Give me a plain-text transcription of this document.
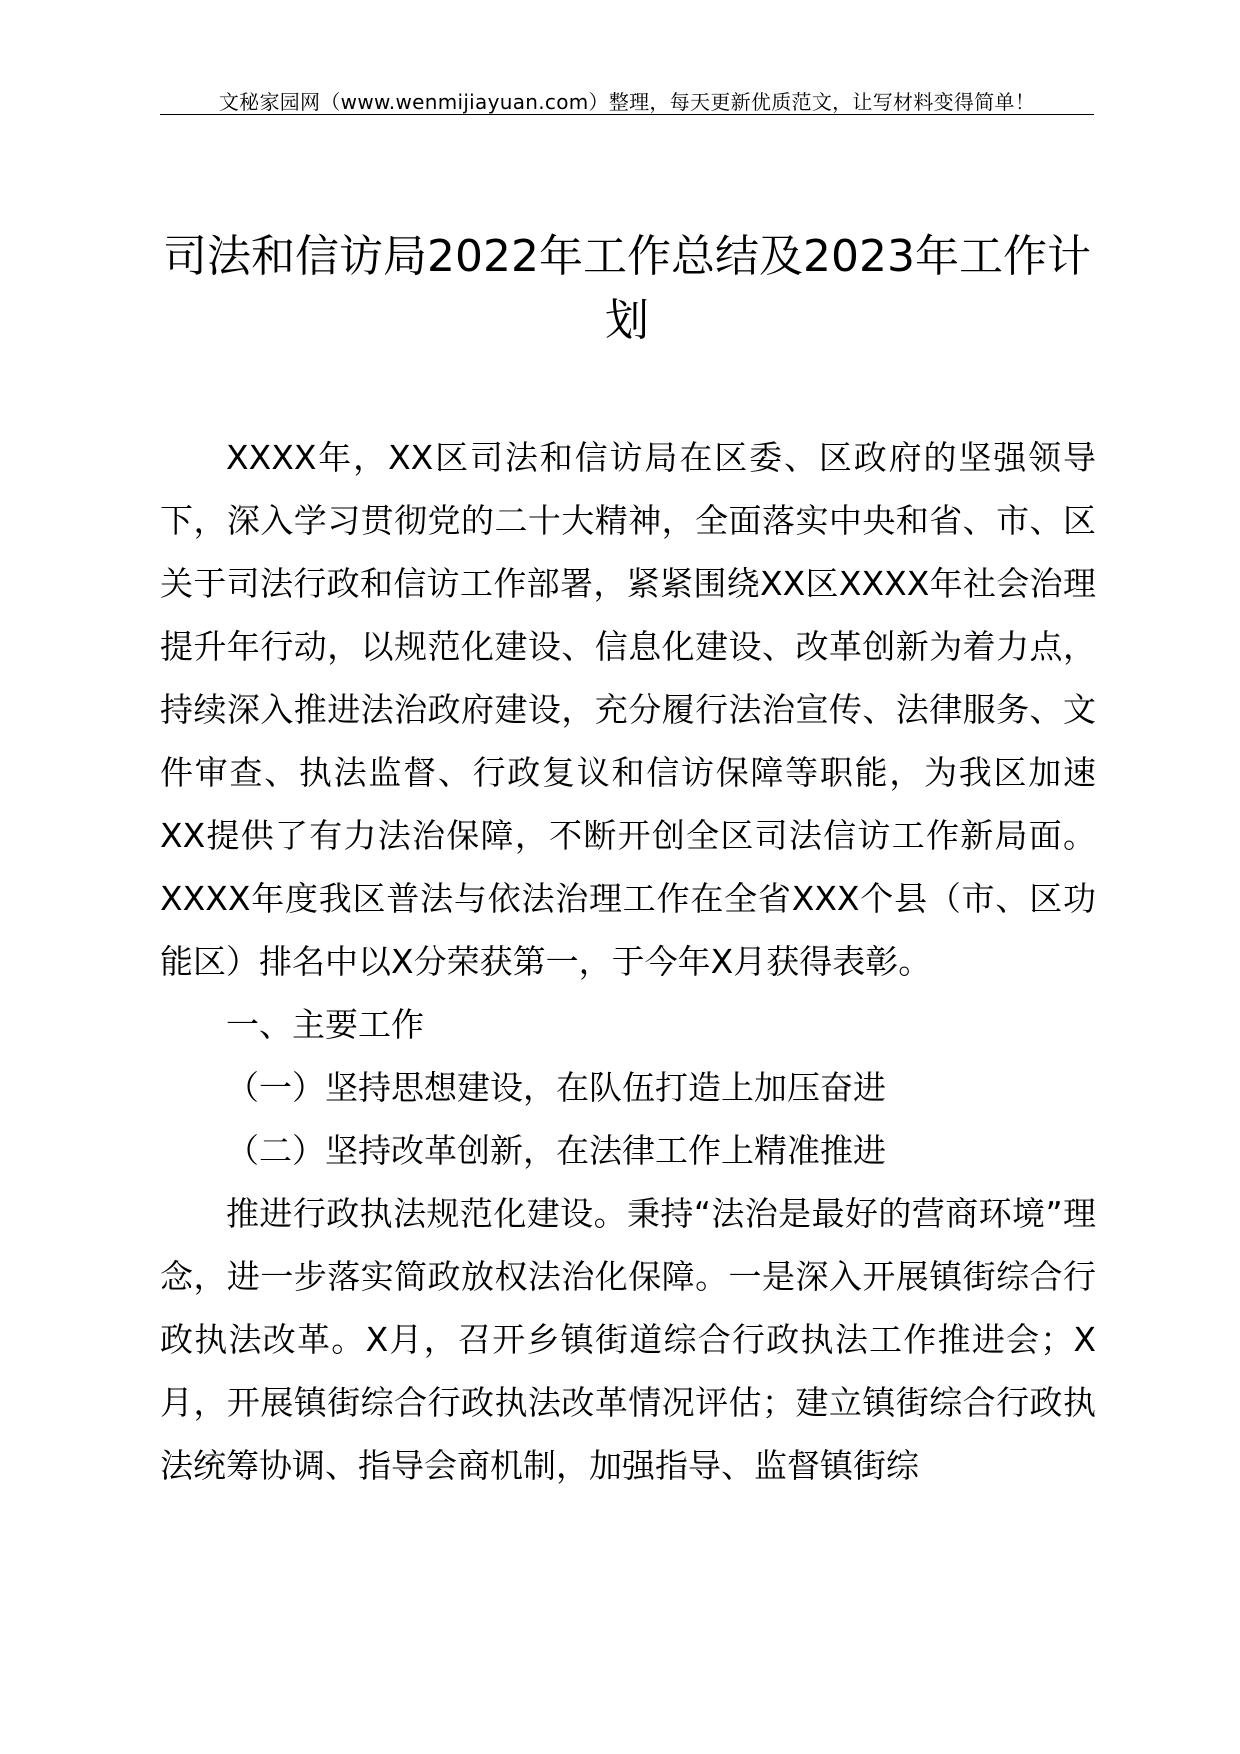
文秘家园网（www.wenmijiayuan.com）整理，每天更新优质范文，让写材料变得简单！
司法和信访局2022年工作总结及2023年工作计划

XXXX年，XX区司法和信访局在区委、区政府的坚强领导下，深入学习贯彻党的二十大精神，全面落实中央和省、市、区关于司法行政和信访工作部署，紧紧围绕XX区XXXX年社会治理提升年行动，以规范化建设、信息化建设、改革创新为着力点，持续深入推进法治政府建设，充分履行法治宣传、法律服务、文件审查、执法监督、行政复议和信访保障等职能，为我区加速XX提供了有力法治保障，不断开创全区司法信访工作新局面。XXXX年度我区普法与依法治理工作在全省XXX个县（市、区功能区）排名中以X分荣获第一，于今年X月获得表彰。

一、主要工作

（一）坚持思想建设，在队伍打造上加压奋进

（二）坚持改革创新，在法律工作上精准推进

推进行政执法规范化建设。秉持“法治是最好的营商环境”理念，进一步落实简政放权法治化保障。一是深入开展镇街综合行政执法改革。X月，召开乡镇街道综合行政执法工作推进会；X月，开展镇街综合行政执法改革情况评估；建立镇街综合行政执法统筹协调、指导会商机制，加强指导、监督镇街综
